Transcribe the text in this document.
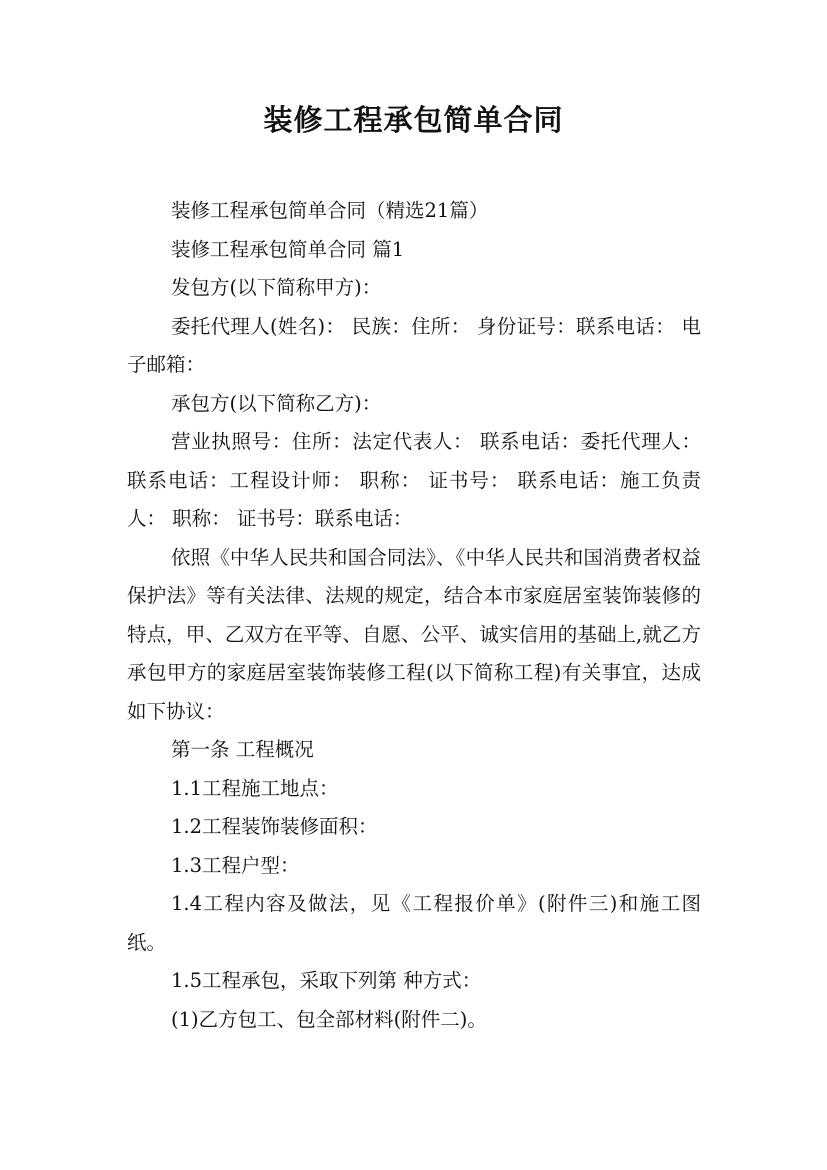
装修工程承包简单合同

装修工程承包简单合同（精选21篇）

装修工程承包简单合同 篇1

发包方(以下简称甲方)：

委托代理人(姓名)： 民族：住所： 身份证号：联系电话： 电子邮箱：

承包方(以下简称乙方)：

营业执照号：住所：法定代表人： 联系电话：委托代理人： 联系电话：工程设计师： 职称： 证书号： 联系电话：施工负责人： 职称： 证书号：联系电话：

依照《中华人民共和国合同法》、《中华人民共和国消费者权益保护法》等有关法律、法规的规定，结合本市家庭居室装饰装修的特点，甲、乙双方在平等、自愿、公平、诚实信用的基础上,就乙方承包甲方的家庭居室装饰装修工程(以下简称工程)有关事宜，达成如下协议：

第一条 工程概况

1.1工程施工地点：

1.2工程装饰装修面积：

1.3工程户型：

1.4工程内容及做法，见《工程报价单》(附件三)和施工图纸。

1.5工程承包，采取下列第 种方式：

(1)乙方包工、包全部材料(附件二)。
